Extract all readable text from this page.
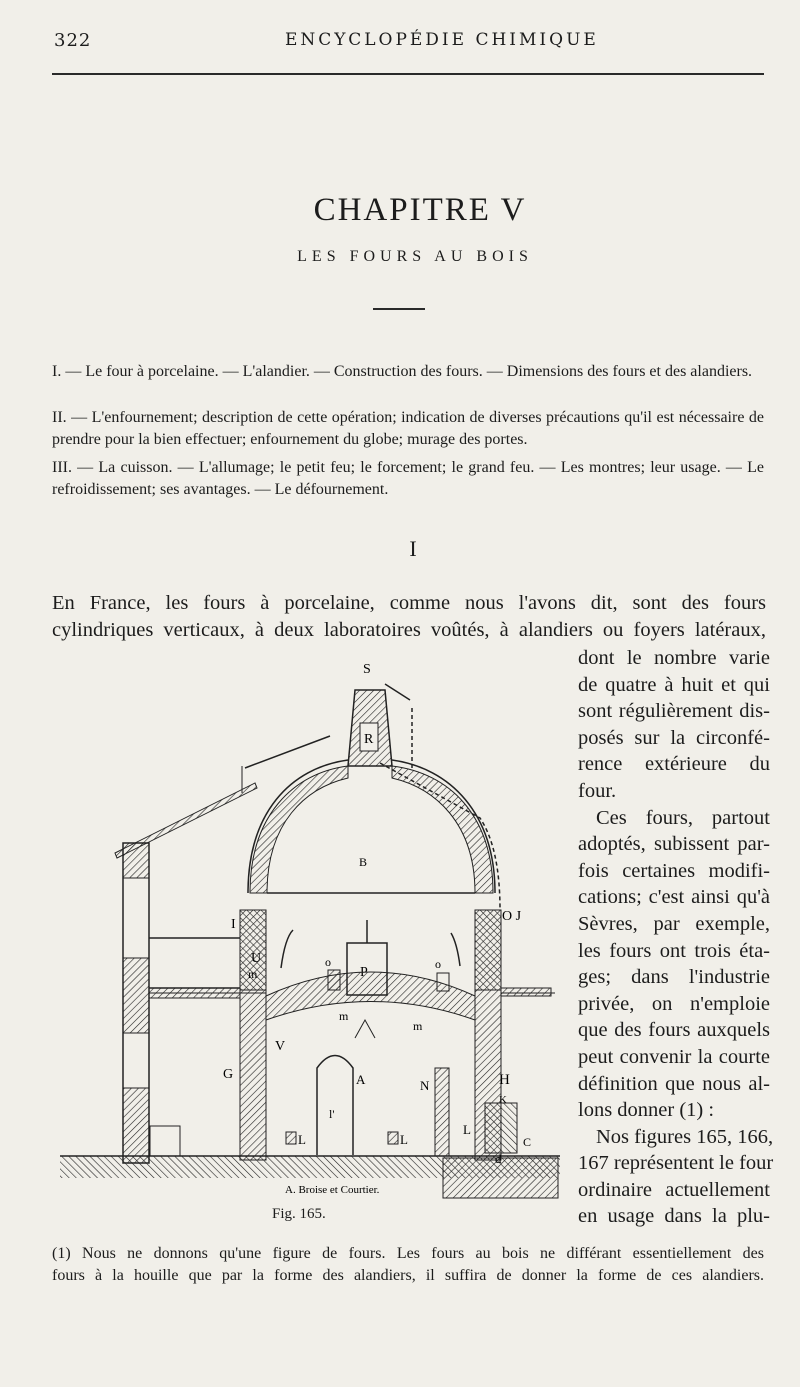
322	ENCYCLOPÉDIE CHIMIQUE
CHAPITRE V
LES FOURS AU BOIS
I. — Le four à porcelaine. — L'alandier. — Construction des fours. — Dimensions des fours et des alandiers.
II. — L'enfournement; description de cette opération; indication de diverses précautions qu'il est nécessaire de prendre pour la bien effectuer; enfournement du globe; murage des portes.
III. — La cuisson. — L'allumage; le petit feu; le forcement; le grand feu. — Les montres; leur usage. — Le refroidissement; ses avantages. — Le défournement.
I
En France, les fours à porcelaine, comme nous l'avons dit, sont des fours
cylindriques verticaux, à deux laboratoires voûtés, à alandiers ou foyers latéraux,
dont le nombre varie
de quatre à huit et qui
sont régulièrement dis-
posés sur la circonfé-
rence extérieure du
four.
Ces fours, partout
adoptés, subissent par-
fois certaines modifi-
cations; c'est ainsi qu'à
Sèvres, par exemple,
les fours ont trois éta-
ges; dans l'industrie
privée, on n'emploie
que des fours auxquels
peut convenir la courte
définition que nous al-
lons donner (1) :
Nos figures 165, 166,
167 représentent le four
ordinaire actuellement
en usage dans la plu-
R
S
B
I
U
m
G
V
o	o
m
m
A
l'
L	L
N	H
K
L
C
O J
A. Broise et Courtier.
Fig. 165.
(1) Nous ne donnons qu'une figure de fours. Les fours au bois ne différant essentiellement des
fours à la houille que par la forme des alandiers, il suffira de donner la forme de ces alandiers.
